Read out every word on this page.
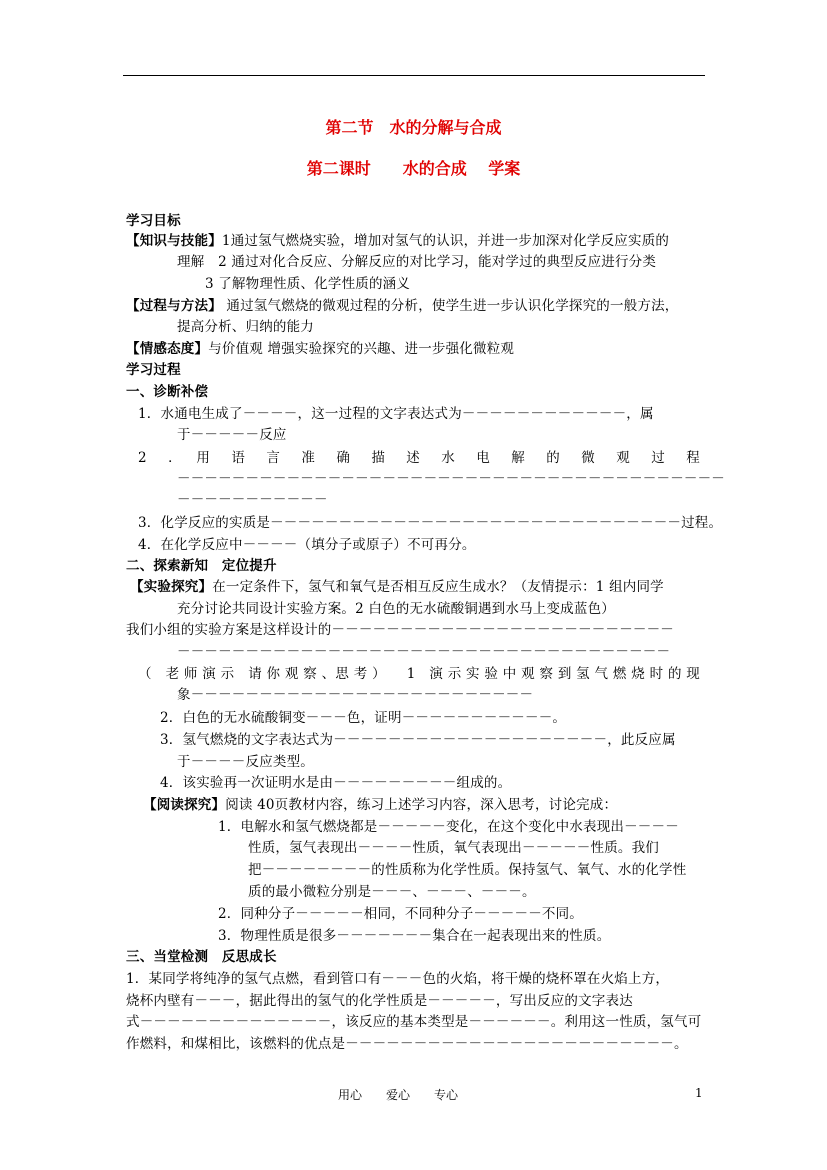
第二节　水的分解与合成
第二课时　　水的合成　 学案
学习目标
【知识与技能】1通过氢气燃烧实验，增加对氢气的认识，并进一步加深对化学反应实质的
理解　2 通过对化合反应、分解反应的对比学习，能对学过的典型反应进行分类
3 了解物理性质、化学性质的涵义
【过程与方法】 通过氢气燃烧的微观过程的分析，使学生进一步认识化学探究的一般方法，
提高分析、归纳的能力
【情感态度】与价值观 增强实验探究的兴趣、进一步强化微粒观
学习过程
一、诊断补偿
1．水通电生成了－－－－，这一过程的文字表达式为－－－－－－－－－－－－，属
于－－－－－反应
2　．　用　语　言　准　确　描　述　水　电　解　的　微　观　过　程
－－－－－－－－－－－－－－－－－－－－－－－－－－－－－－－－－－－－－－－－
－－－－－－－－－－－
3．化学反应的实质是－－－－－－－－－－－－－－－－－－－－－－－－－－－－－－过程。
4．在化学反应中－－－－（填分子或原子）不可再分。
二、探索新知　定位提升
【实验探究】在一定条件下，氢气和氧气是否相互反应生成水？（友情提示：1 组内同学
充分讨论共同设计实验方案。2 白色的无水硫酸铜遇到水马上变成蓝色）
我们小组的实验方案是这样设计的－－－－－－－－－－－－－－－－－－－－－－－－－
－－－－－－－－－－－－－－－－－－－－－－－－－－－－－－－－－－－－
（　老 师 演 示　请 你 观 察 、思 考 ）　　1　演 示 实 验 中 观 察 到 氢 气 燃 烧 时 的 现
象－－－－－－－－－－－－－－－－－－－－－－－－－
2．白色的无水硫酸铜变－－－色，证明－－－－－－－－－－－。
3．氢气燃烧的文字表达式为－－－－－－－－－－－－－－－－－－－－，此反应属
于－－－－反应类型。
4．该实验再一次证明水是由－－－－－－－－－组成的。
【阅读探究】阅读 40页教材内容，练习上述学习内容，深入思考，讨论完成：
1．电解水和氢气燃烧都是－－－－－变化，在这个变化中水表现出－－－－
性质，氢气表现出－－－－性质，氧气表现出－－－－－性质。我们
把－－－－－－－－的性质称为化学性质。保持氢气、氧气、水的化学性
质的最小微粒分别是－－－、－－－、－－－。
2．同种分子－－－－－相同，不同种分子－－－－－不同。
3．物理性质是很多－－－－－－－集合在一起表现出来的性质。
三、当堂检测　反思成长
1．某同学将纯净的氢气点燃，看到管口有－－－色的火焰，将干燥的烧杯罩在火焰上方，
烧杯内壁有－－－，据此得出的氢气的化学性质是－－－－－，写出反应的文字表达
式－－－－－－－－－－－－－－，该反应的基本类型是－－－－－－。利用这一性质，氢气可
作燃料，和煤相比，该燃料的优点是－－－－－－－－－－－－－－－－－－－－－－－－。
用心　　爱心　　专心	1
